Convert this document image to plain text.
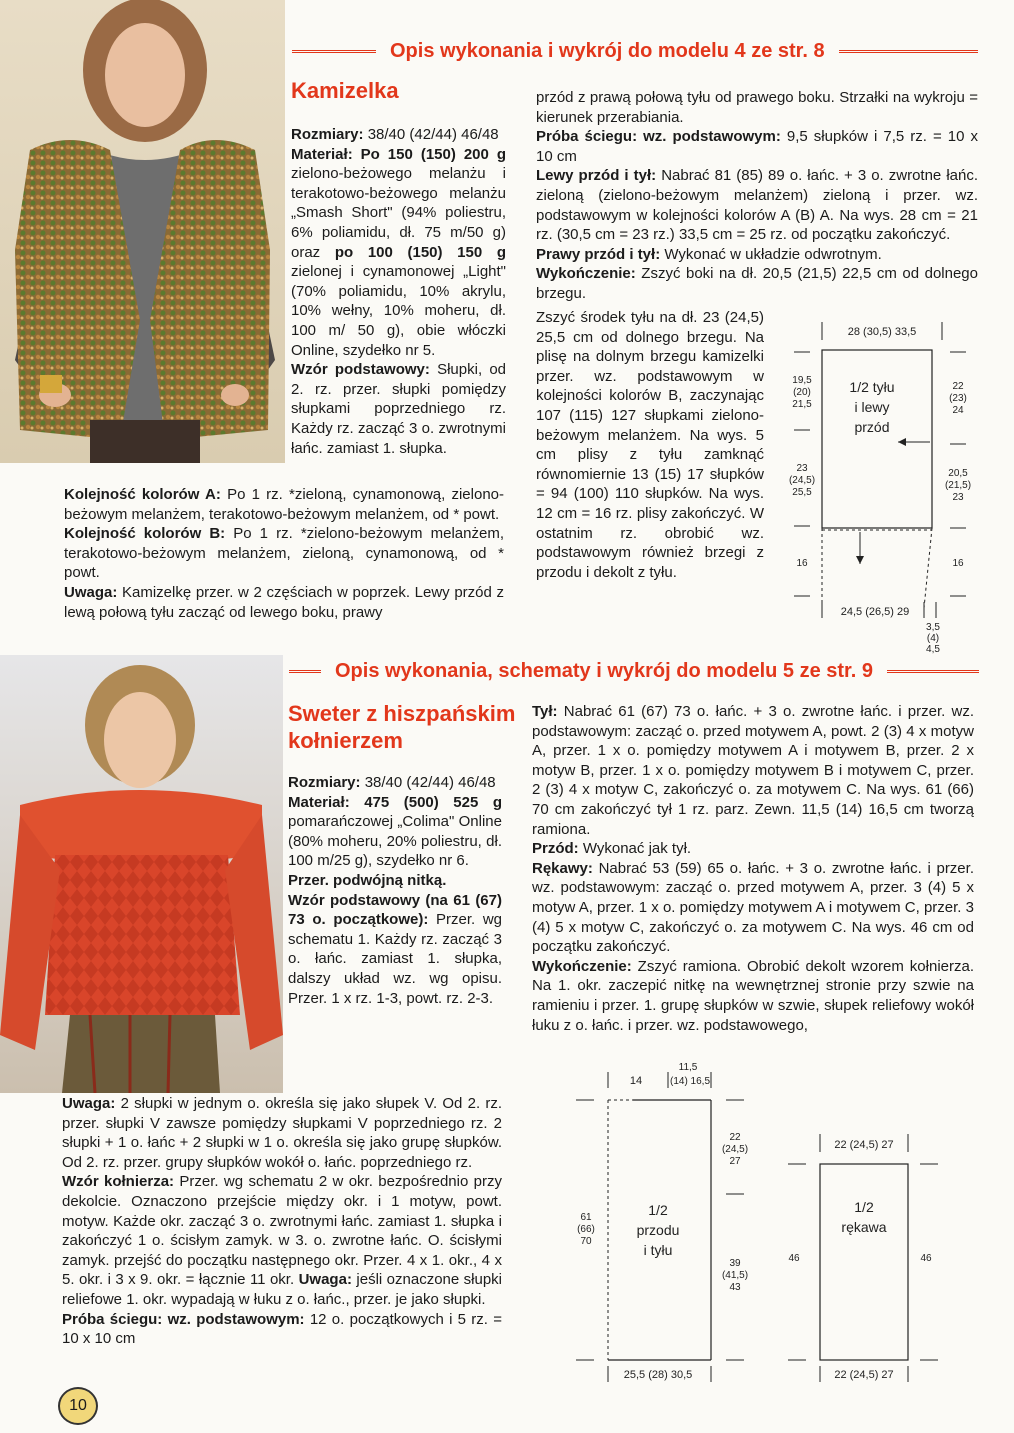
Opis wykonania i wykrój do modelu 4 ze str. 8
Kamizelka

Rozmiary: 38/40 (42/44) 46/48

Materiał: Po 150 (150) 200 g zielono-beżowego melanżu i terakotowo-beżowego melanżu „Smash Short" (94% poliestru, 6% poliamidu, dł. 75 m/50 g) oraz po 100 (150) 150 g zielonej i cynamonowej „Light" (70% poliamidu, 10% akrylu, 10% wełny, 10% moheru, dł. 100 m/ 50 g), obie włóczki Online, szydełko nr 5.

Wzór podstawowy: Słupki, od 2. rz. przer. słupki pomiędzy słupkami poprzedniego rz. Każdy rz. zacząć 3 o. zwrotnymi łańc. zamiast 1. słupka.

Kolejność kolorów A: Po 1 rz. *zieloną, cynamonową, zielono-beżowym melanżem, terakotowo-beżowym melanżem, od * powt.

Kolejność kolorów B: Po 1 rz. *zielono-beżowym melanżem, terakotowo-beżowym melanżem, zieloną, cynamonową, od * powt.

Uwaga: Kamizelkę przer. w 2 częściach w poprzek. Lewy przód z lewą połową tyłu zacząć od lewego boku, prawy

przód z prawą połową tyłu od prawego boku. Strzałki na wykroju = kierunek przerabiania.

Próba ściegu: wz. podstawowym: 9,5 słupków i 7,5 rz. = 10 x 10 cm

Lewy przód i tył: Nabrać 81 (85) 89 o. łańc. + 3 o. zwrotne łańc. zieloną (zielono-beżowym melanżem) zieloną i przer. wz. podstawowym w kolejności kolorów A (B) A. Na wys. 28 cm = 21 rz. (30,5 cm = 23 rz.) 33,5 cm = 25 rz. od początku zakończyć.

Prawy przód i tył: Wykonać w układzie odwrotnym.

Wykończenie: Zszyć boki na dł. 20,5 (21,5) 22,5 cm od dolnego brzegu.

Zszyć środek tyłu na dł. 23 (24,5) 25,5 cm od dolnego brzegu. Na plisę na dolnym brzegu kamizelki przer. wz. podstawowym w kolejności kolorów B, zaczynając 107 (115) 127 słupkami zielono-beżowym melanżem. Na wys. 5 cm plisy z tyłu zamknąć równomiernie 13 (15) 17 słupków = 94 (100) 110 słupków. Na wys. 12 cm = 16 rz. plisy zakończyć. W ostatnim rz. obrobić wz. podstawowym również brzegi z przodu i dekolt z tyłu.

28 (30,5) 33,5
1/2 tyłu
i lewy
przód
19,5
(20)
21,5
23
(24,5)
25,5
16
22
(23)
24
20,5
(21,5)
23
16
24,5 (26,5) 29
3,5
(4)
4,5
Opis wykonania, schematy i wykrój do modelu 5 ze str. 9
Sweter z hiszpańskim
kołnierzem

Rozmiary: 38/40 (42/44) 46/48

Materiał: 475 (500) 525 g pomarańczowej „Colima" Online (80% moheru, 20% poliestru, dł. 100 m/25 g), szydełko nr 6.

Przer. podwójną nitką.

Wzór podstawowy (na 61 (67) 73 o. początkowe): Przer. wg schematu 1. Każdy rz. zacząć 3 o. łańc. zamiast 1. słupka, dalszy układ wz. wg opisu. Przer. 1 x rz. 1-3, powt. rz. 2-3.

Uwaga: 2 słupki w jednym o. określa się jako słupek V. Od 2. rz. przer. słupki V zawsze pomiędzy słupkami V poprzedniego rz. 2 słupki + 1 o. łańc + 2 słupki w 1 o. określa się jako grupę słupków. Od 2. rz. przer. grupy słupków wokół o. łańc. poprzedniego rz.

Wzór kołnierza: Przer. wg schematu 2 w okr. bezpośrednio przy dekolcie. Oznaczono przejście między okr. i 1 motyw, powt. motyw. Każde okr. zacząć 3 o. zwrotnymi łańc. zamiast 1. słupka i zakończyć 1 o. ścisłym zamyk. w 3. o. zwrotne łańc. O. ścisłymi zamyk. przejść do początku następnego okr. Przer. 4 x 1. okr., 4 x 5. okr. i 3 x 9. okr. = łącznie 11 okr. Uwaga: jeśli oznaczone słupki reliefowe 1. okr. wypadają w łuku z o. łańc., przer. je jako słupki.

Próba ściegu: wz. podstawowym: 12 o. początkowych i 5 rz. = 10 x 10 cm

Tył: Nabrać 61 (67) 73 o. łańc. + 3 o. zwrotne łańc. i przer. wz. podstawowym: zacząć o. przed motywem A, powt. 2 (3) 4 x motyw A, przer. 1 x o. pomiędzy motywem A i motywem B, przer. 2 x motyw B, przer. 1 x o. pomiędzy motywem B i motywem C, przer. 2 (3) 4 x motyw C, zakończyć o. za motywem C. Na wys. 61 (66) 70 cm zakończyć tył 1 rz. parz. Zewn. 11,5 (14) 16,5 cm tworzą ramiona.

Przód: Wykonać jak tył.

Rękawy: Nabrać 53 (59) 65 o. łańc. + 3 o. zwrotne łańc. i przer. wz. podstawowym: zacząć o. przed motywem A, przer. 3 (4) 5 x motyw A, przer. 1 x o. pomiędzy motywem A i motywem C, przer. 3 (4) 5 x motyw C, zakończyć o. za motywem C. Na wys. 46 cm od początku zakończyć.

Wykończenie: Zszyć ramiona. Obrobić dekolt wzorem kołnierza. Na 1. okr. zaczepić nitkę na wewnętrznej stronie przy szwie na ramieniu i przer. 1. grupę słupków w szwie, słupek reliefowy wokół łuku z o. łańc. i przer. wz. podstawowego,

14
11,5
(14) 16,5
1/2
przodu
i tyłu
61
(66)
70
22
(24,5)
27
39
(41,5)
43
25,5 (28) 30,5
22 (24,5) 27
1/2
rękawa
46	46
22 (24,5) 27
10
